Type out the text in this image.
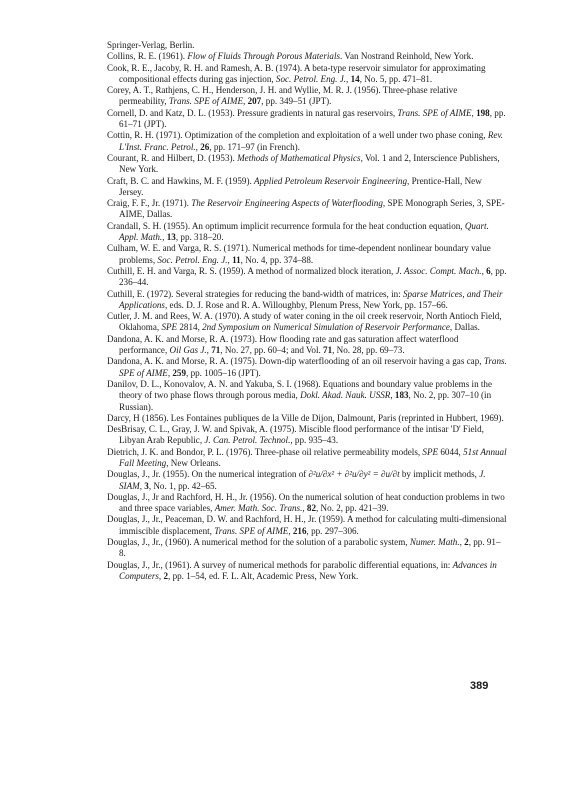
Springer-Verlag, Berlin.
Collins, R. E. (1961). Flow of Fluids Through Porous Materials. Van Nostrand Reinhold, New York.
Cook, R. E., Jacoby, R. H. and Ramesh, A. B. (1974). A beta-type reservoir simulator for approximating compositional effects during gas injection, Soc. Petrol. Eng. J., 14, No. 5, pp. 471–81.
Corey, A. T., Rathjens, C. H., Henderson, J. H. and Wyllie, M. R. J. (1956). Three-phase relative permeability, Trans. SPE of AIME, 207, pp. 349–51 (JPT).
Cornell, D. and Katz, D. L. (1953). Pressure gradients in natural gas reservoirs, Trans. SPE of AIME, 198, pp. 61–71 (JPT).
Cottin, R. H. (1971). Optimization of the completion and exploitation of a well under two phase coning, Rev. L'Inst. Franc. Petrol., 26, pp. 171–97 (in French).
Courant, R. and Hilbert, D. (1953). Methods of Mathematical Physics, Vol. 1 and 2, Interscience Publishers, New York.
Craft, B. C. and Hawkins, M. F. (1959). Applied Petroleum Reservoir Engineering, Prentice-Hall, New Jersey.
Craig, F. F., Jr. (1971). The Reservoir Engineering Aspects of Waterflooding, SPE Monograph Series, 3, SPE-AIME, Dallas.
Crandall, S. H. (1955). An optimum implicit recurrence formula for the heat conduction equation, Quart. Appl. Math., 13, pp. 318–20.
Culham, W. E. and Varga, R. S. (1971). Numerical methods for time-dependent nonlinear boundary value problems, Soc. Petrol. Eng. J., 11, No. 4, pp. 374–88.
Cuthill, E. H. and Varga, R. S. (1959). A method of normalized block iteration, J. Assoc. Compt. Mach., 6, pp. 236–44.
Cuthill, E. (1972). Several strategies for reducing the band-width of matrices, in: Sparse Matrices, and Their Applications, eds. D. J. Rose and R. A. Willoughby, Plenum Press, New York, pp. 157–66.
Cutler, J. M. and Rees, W. A. (1970). A study of water coning in the oil creek reservoir, North Antioch Field, Oklahoma, SPE 2814, 2nd Symposium on Numerical Simulation of Reservoir Performance, Dallas.
Dandona, A. K. and Morse, R. A. (1973). How flooding rate and gas saturation affect waterflood performance, Oil Gas J., 71, No. 27, pp. 60–4; and Vol. 71, No. 28, pp. 69–73.
Dandona, A. K. and Morse, R. A. (1975). Down-dip waterflooding of an oil reservoir having a gas cap, Trans. SPE of AIME, 259, pp. 1005–16 (JPT).
Danilov, D. L., Konovalov, A. N. and Yakuba, S. I. (1968). Equations and boundary value problems in the theory of two phase flows through porous media, Dokl. Akad. Nauk. USSR, 183, No. 2, pp. 307–10 (in Russian).
Darcy, H (1856). Les Fontaines publiques de la Ville de Dijon, Dalmount, Paris (reprinted in Hubbert, 1969).
DesBrisay, C. L., Gray, J. W. and Spivak, A. (1975). Miscible flood performance of the intisar 'D' Field, Libyan Arab Republic, J. Can. Petrol. Technol., pp. 935–43.
Dietrich, J. K. and Bondor, P. L. (1976). Three-phase oil relative permeability models, SPE 6044, 51st Annual Fall Meeting, New Orleans.
Douglas, J., Jr. (1955). On the numerical integration of ∂²u/∂x² + ∂²u/∂y² = ∂u/∂t by implicit methods, J. SIAM, 3, No. 1, pp. 42–65.
Douglas, J., Jr and Rachford, H. H., Jr. (1956). On the numerical solution of heat conduction problems in two and three space variables, Amer. Math. Soc. Trans., 82, No. 2, pp. 421–39.
Douglas, J., Jr., Peaceman, D. W. and Rachford, H. H., Jr. (1959). A method for calculating multi-dimensional immiscible displacement, Trans. SPE of AIME, 216, pp. 297–306.
Douglas, J., Jr., (1960). A numerical method for the solution of a parabolic system, Numer. Math., 2, pp. 91–8.
Douglas, J., Jr., (1961). A survey of numerical methods for parabolic differential equations, in: Advances in Computers, 2, pp. 1–54, ed. F. L. Alt, Academic Press, New York.
389
